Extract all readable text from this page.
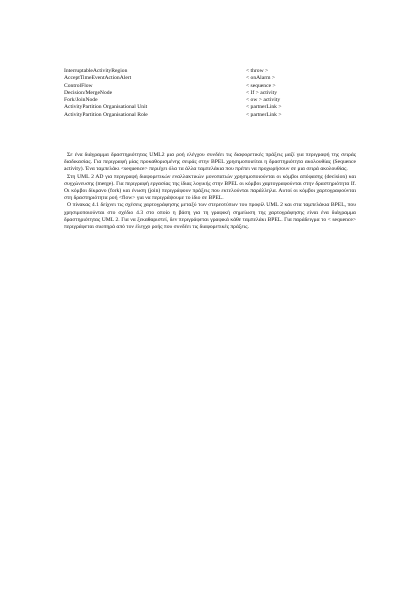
InterruptableActivityRegion	< throw >
AcceptTimeEventActionAlert	< onAlarm >
ControlFlow	< sequence >
Decision/MergeNode	< If > activity
Fork/JoinNode	< ow > activity
ActivityPartition Organisational Unit	< partnerLink >
ActivityPartition Organisational Role	< partnerLink >

Σε ένα διάγραμμα δραστηριότητας UML2 μια ροή ελέγχου συνδέει τις διαφορετικές πράξεις μαζί για περιγραφή της σειράς διαδικασίας. Για περιγραφή μίας προκαθορισμένης σειράς στην BPEL χρησιμοποιείται η δραστηριότητα ακολουθίας (Sequence activity). Ένα ταμπελάκι <sequence> περιέχει όλα τα άλλα ταμπελάκια που πρέπει να προχωρήσουν σε μια σειρά ακολουθίας.

Στη UML 2 AD για περιγραφή διαφορετικών εναλλακτικών μονοπατιών χρησιμοποιούνται οι κόμβοι απόφασης (decision) και συγχώνευσης (merge). Για περιγραφή εργασίας της ίδιας λογικής στην BPEL οι κόμβοι χαρτογραφούνται στην δραστηριότητα If. Οι κόμβοι δίκρανο (fork) και ένωση (join) περιγράφουν πράξεις που εκτελούνται παράλληλα. Αυτοί οι κόμβοι χαρτογραφούνται στη δραστηριότητα ροή <flow> για να περιγράψουμε το ίδιο σε BPEL.

Ο πίνακας 4.1 δείχνει τις σχέσεις χαρτογράφησης μεταξύ των στερεοτύπων του προφίλ UML 2 και στα ταμπελάκια BPEL, που χρησιμοποιούνται στο σχέδιο 4.3 στο οποίο η βάση για τη γραφική σημείωση της χαρτογράφησης είναι ένα διάγραμμα δραστηριότητας UML 2. Για να ξεκαθαριστεί, δεν περιγράφεται γραφικά κάθε ταμπελάκι BPEL. Για παράδειγμα το < sequence> περιγράφεται σιωπηρά από τον έλεγχο ροής που συνδέει τις διαφορετικές πράξεις.
